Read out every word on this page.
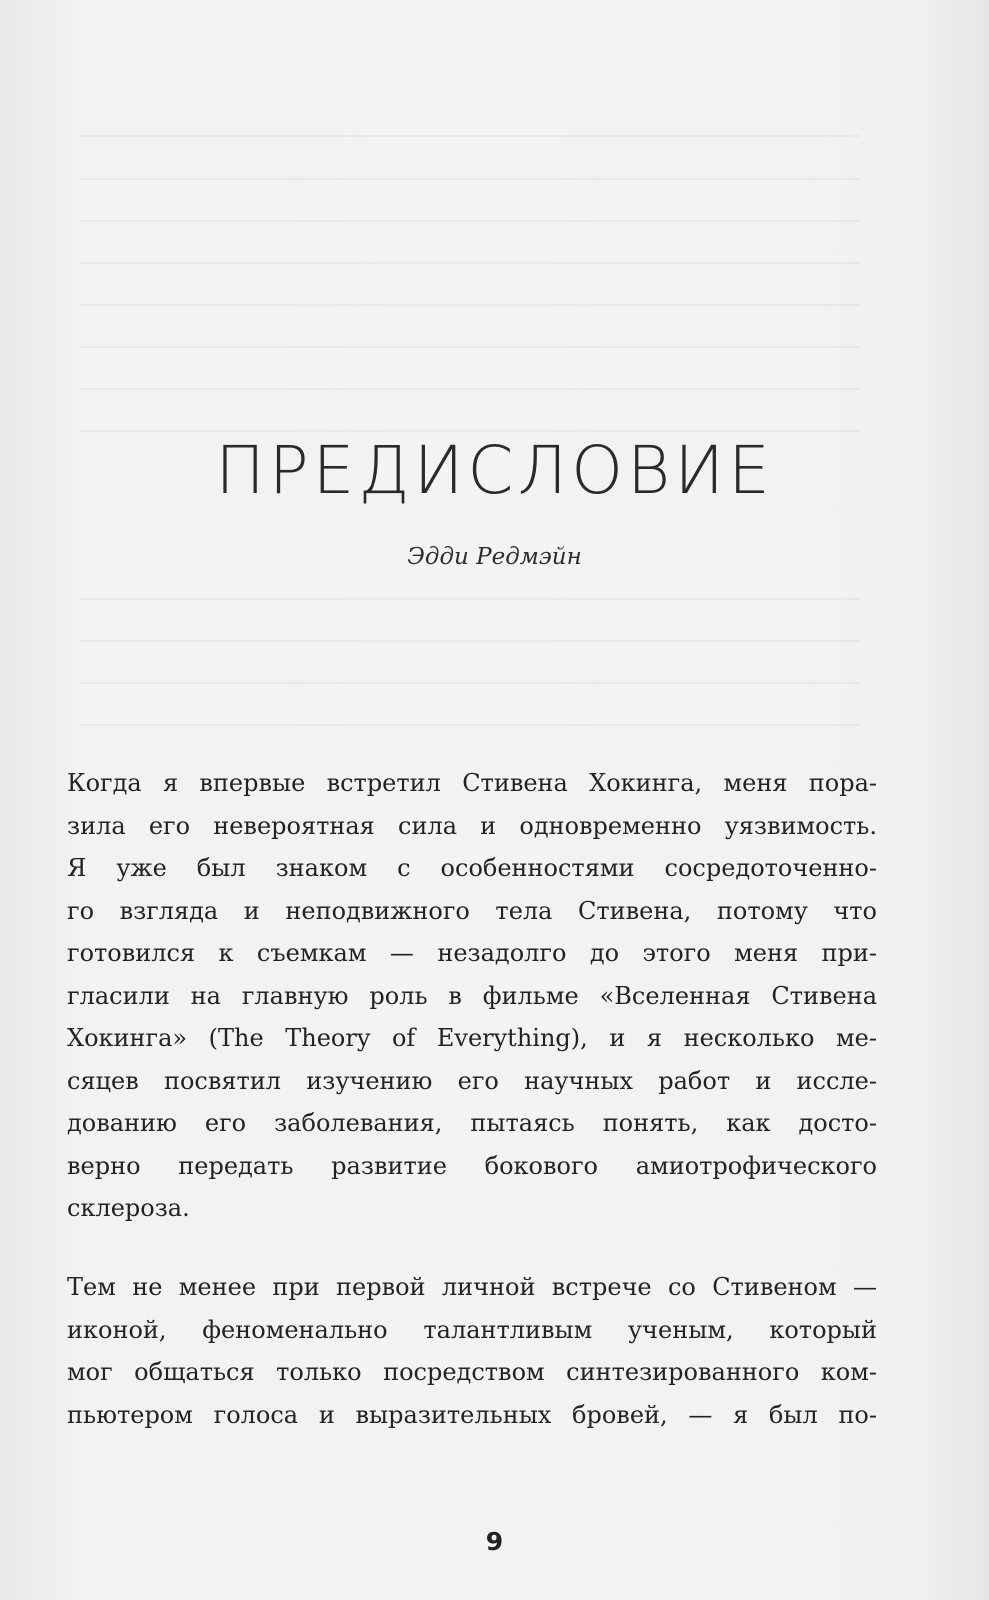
ПРЕДИСЛОВИЕ

Эдди Редмэйн

Когда я впервые встретил Стивена Хокинга, меня пора-
зила его невероятная сила и одновременно уязвимость.
Я уже был знаком с особенностями сосредоточенно-
го взгляда и неподвижного тела Стивена, потому что
готовился к съемкам — незадолго до этого меня при-
гласили на главную роль в фильме «Вселенная Стивена
Хокинга» (The Theory of Everything), и я несколько ме-
сяцев посвятил изучению его научных работ и иссле-
дованию его заболевания, пытаясь понять, как досто-
верно передать развитие бокового амиотрофического
склероза.
Тем не менее при первой личной встрече со Стивеном —
иконой, феноменально талантливым ученым, который
мог общаться только посредством синтезированного ком-
пьютером голоса и выразительных бровей, — я был по-
9
